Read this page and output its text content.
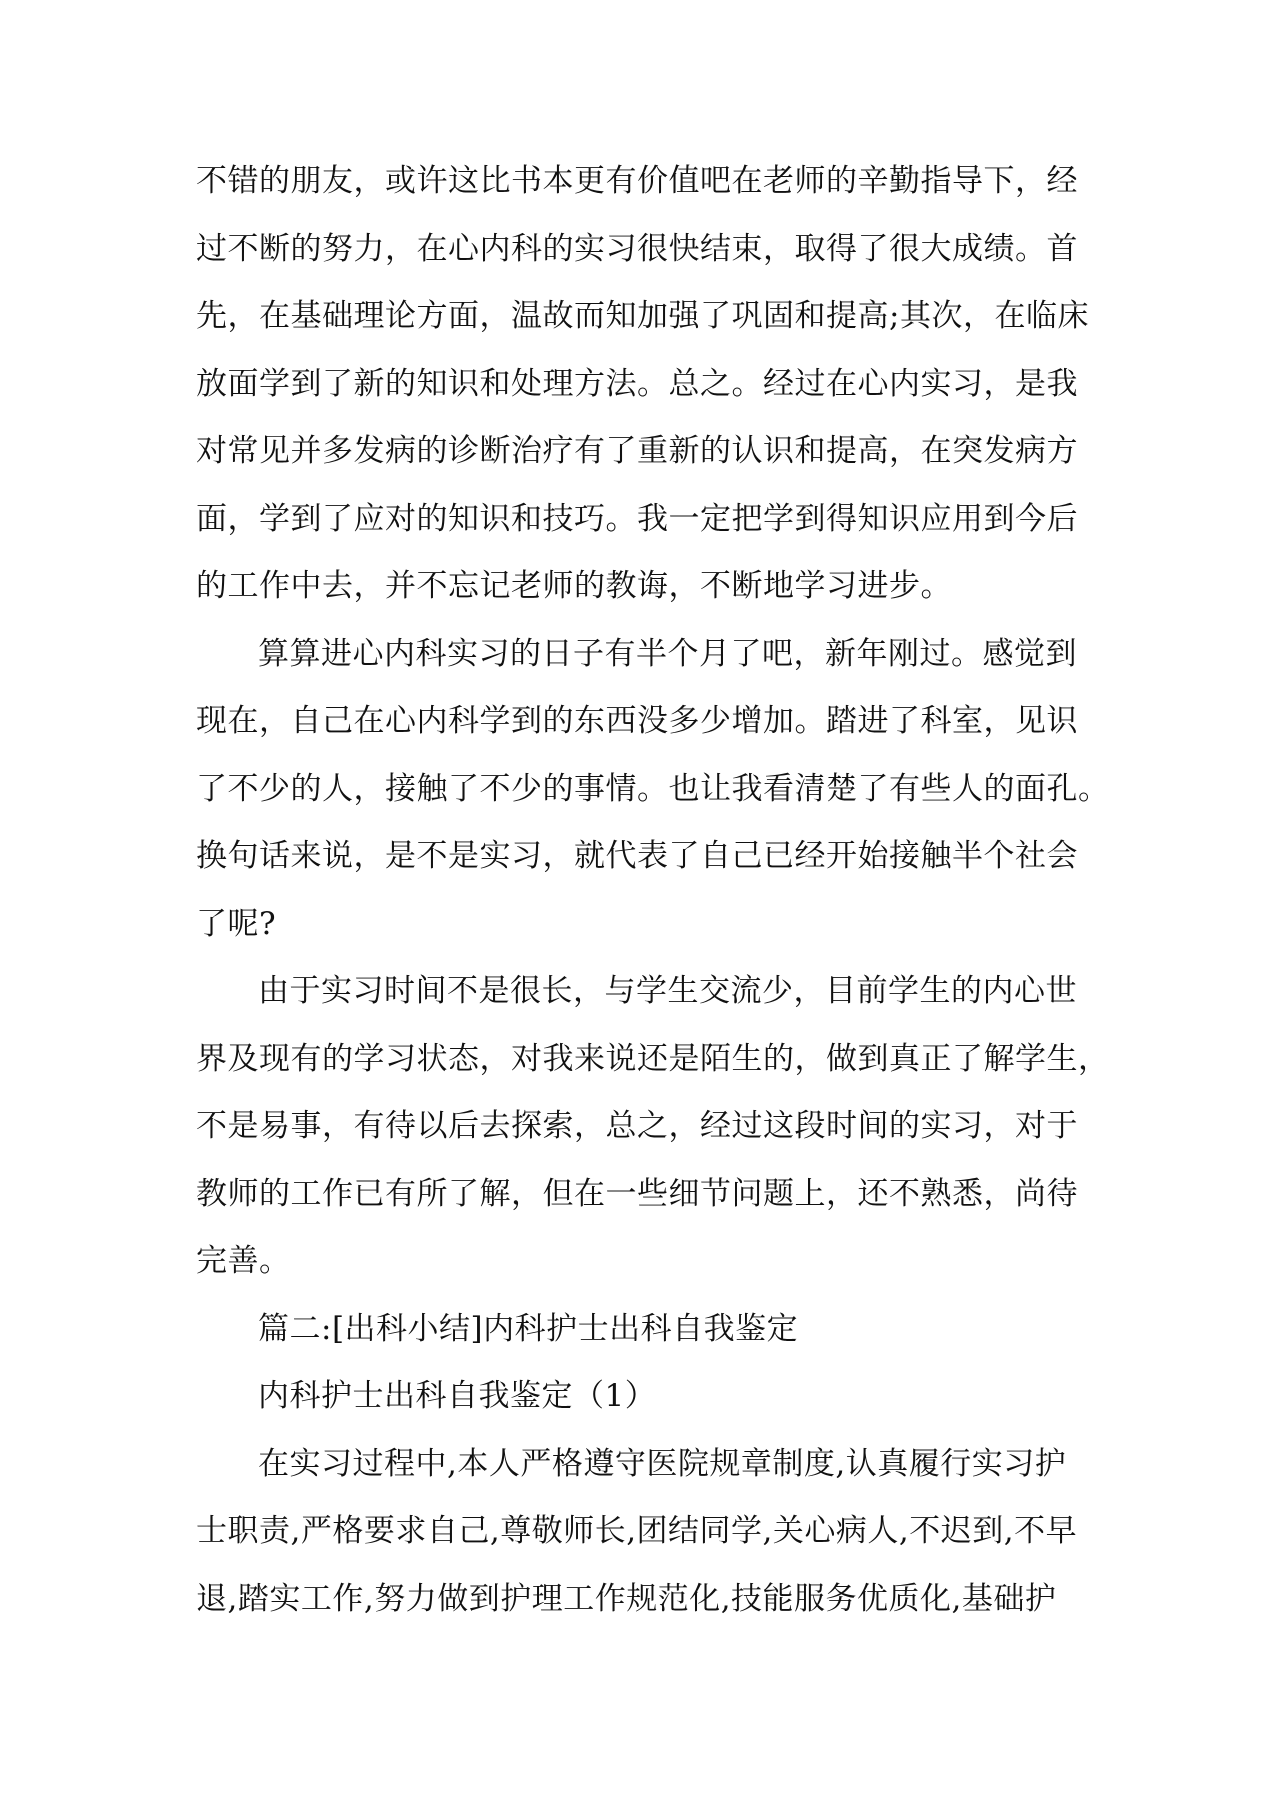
不错的朋友，或许这比书本更有价值吧在老师的辛勤指导下，经
过不断的努力，在心内科的实习很快结束，取得了很大成绩。首
先，在基础理论方面，温故而知加强了巩固和提高;其次，在临床
放面学到了新的知识和处理方法。总之。经过在心内实习，是我
对常见并多发病的诊断治疗有了重新的认识和提高，在突发病方
面，学到了应对的知识和技巧。我一定把学到得知识应用到今后
的工作中去，并不忘记老师的教诲，不断地学习进步。
算算进心内科实习的日子有半个月了吧，新年刚过。感觉到
现在，自己在心内科学到的东西没多少增加。踏进了科室，见识
了不少的人，接触了不少的事情。也让我看清楚了有些人的面孔。
换句话来说，是不是实习，就代表了自己已经开始接触半个社会
了呢?
由于实习时间不是很长，与学生交流少，目前学生的内心世
界及现有的学习状态，对我来说还是陌生的，做到真正了解学生，
不是易事，有待以后去探索，总之，经过这段时间的实习，对于
教师的工作已有所了解，但在一些细节问题上，还不熟悉，尚待
完善。
篇二:[出科小结]内科护士出科自我鉴定
内科护士出科自我鉴定（1）
在实习过程中,本人严格遵守医院规章制度,认真履行实习护
士职责,严格要求自己,尊敬师长,团结同学,关心病人,不迟到,不早
退,踏实工作,努力做到护理工作规范化,技能服务优质化,基础护
